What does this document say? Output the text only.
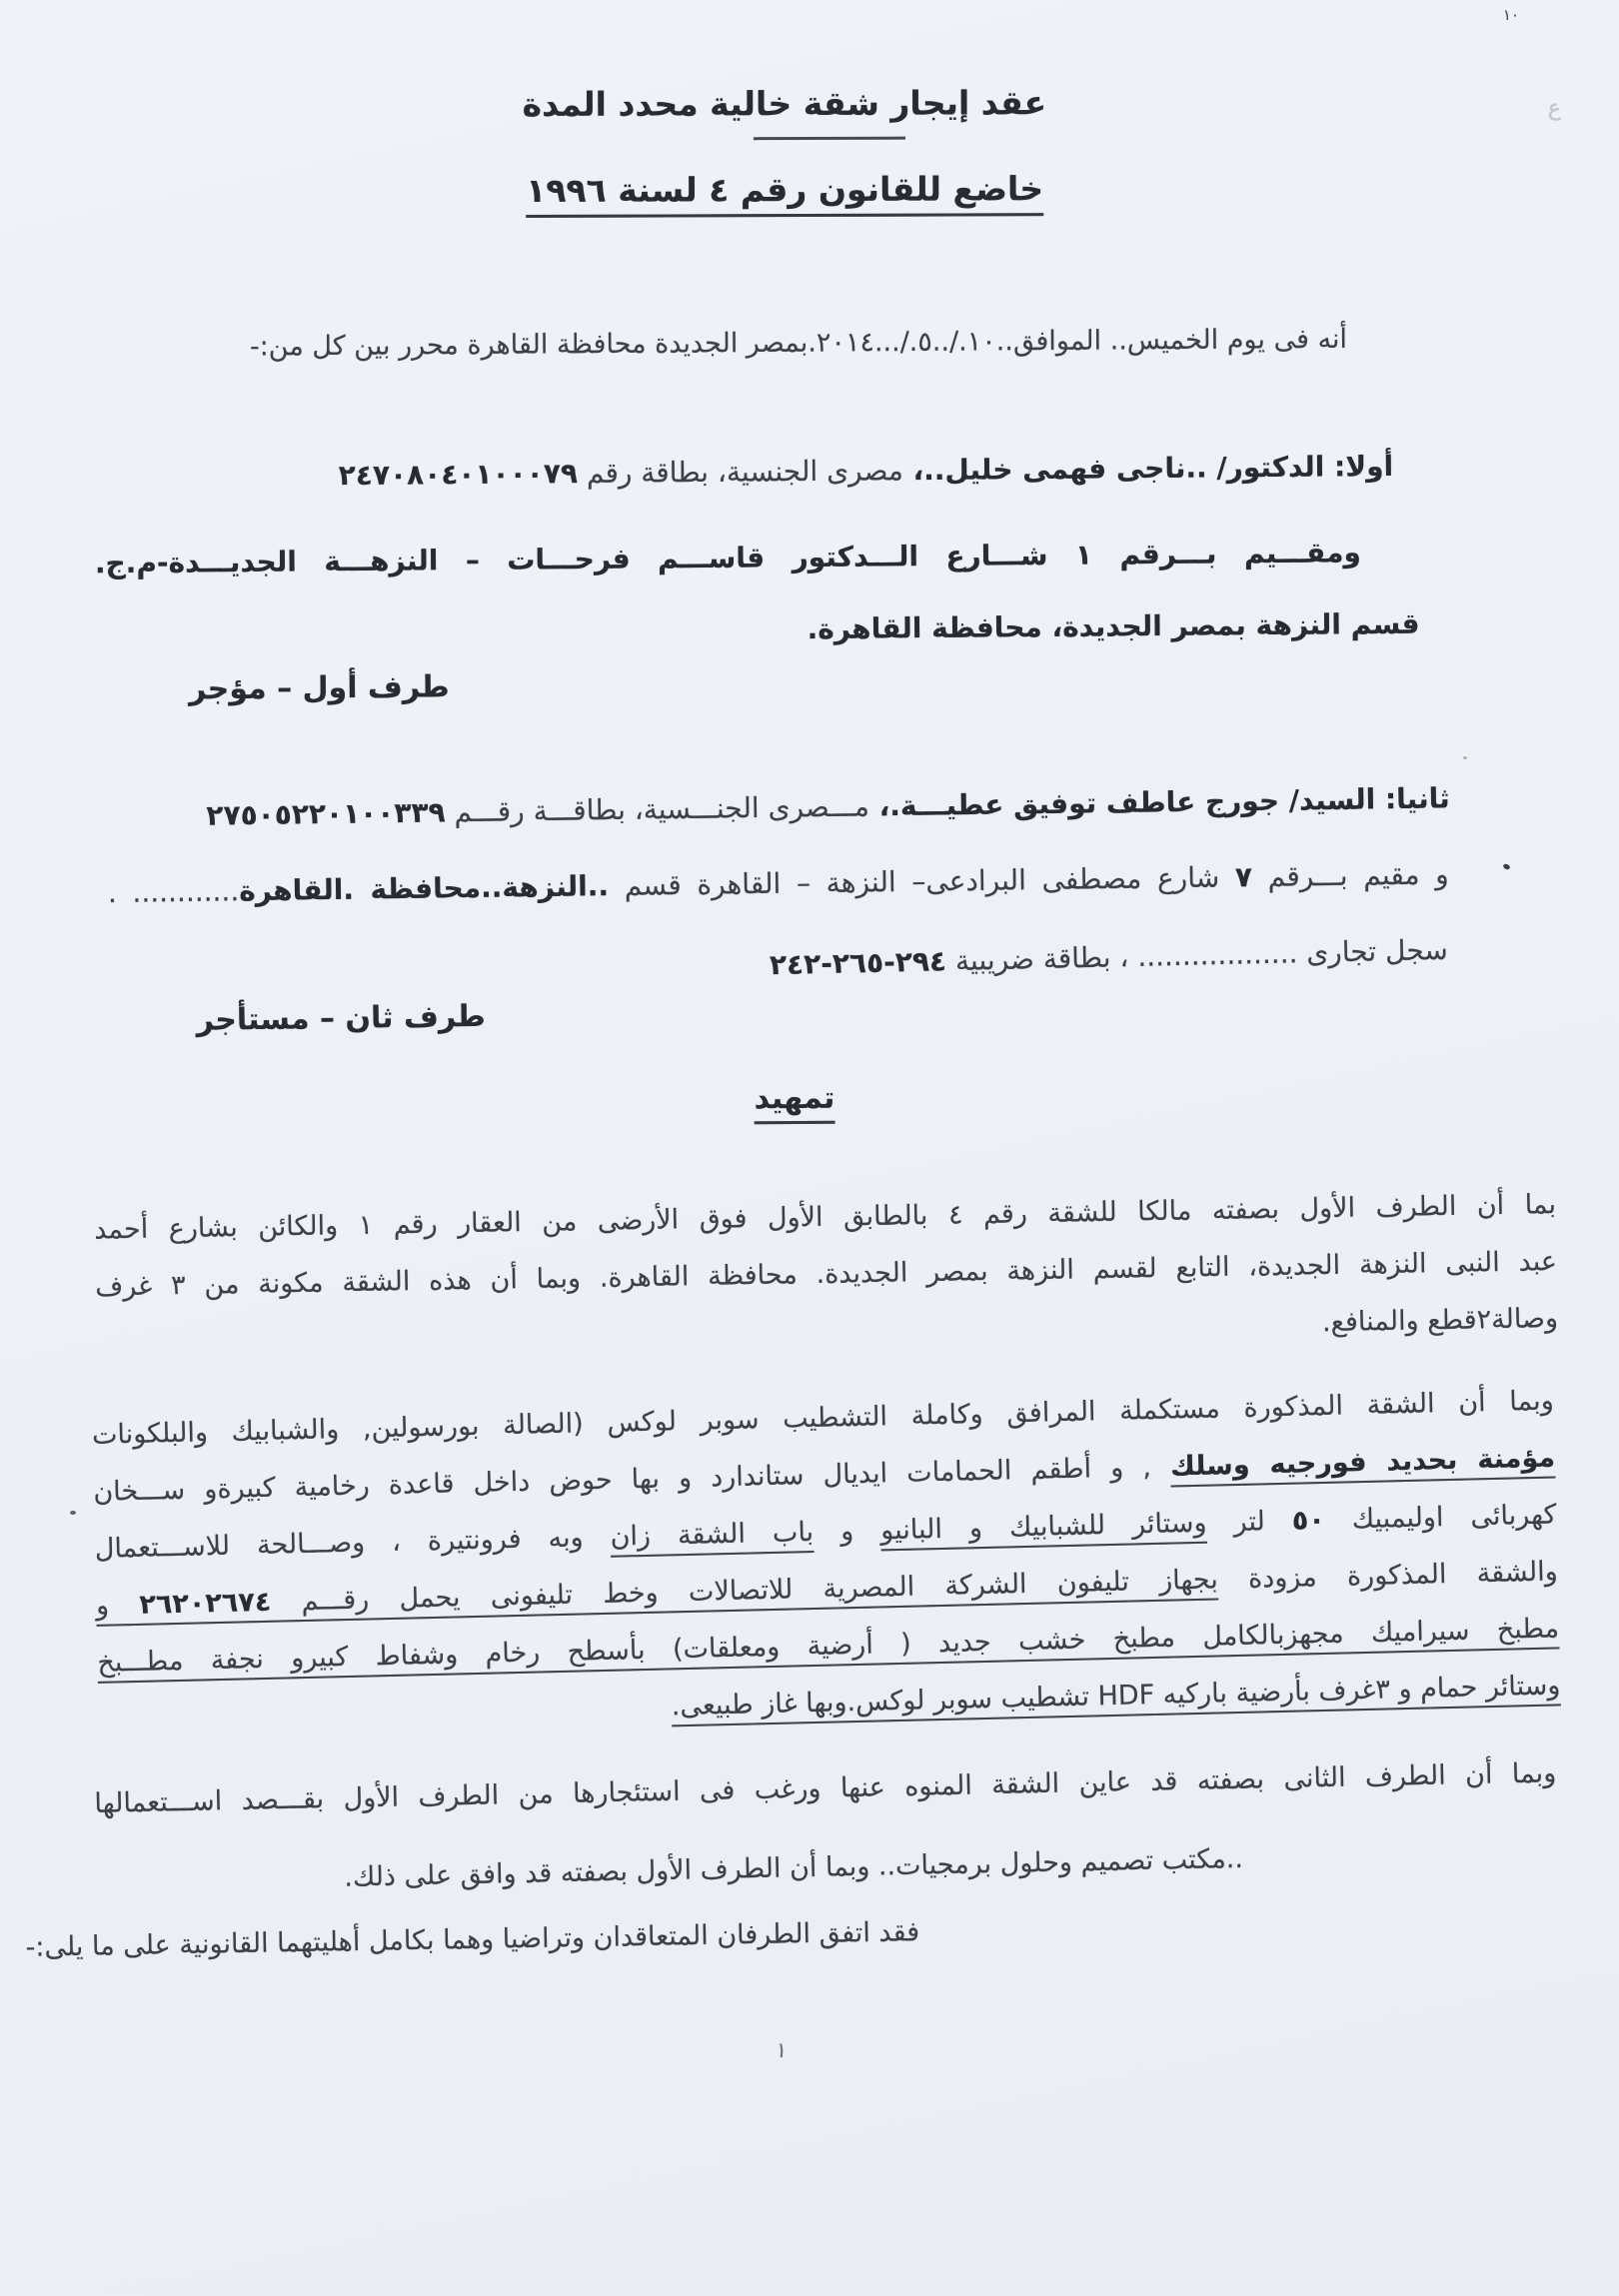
١٠
ع
عقد إيجار شقة خالية محدد المدة
خاضع للقانون رقم ٤ لسنة ١٩٩٦
أنه فى يوم الخميس.. الموافق..١٠./..٥./...٢٠١٤.بمصر الجديدة محافظة القاهرة محرر بين كل من:-
أولا: الدكتور/ ..ناجى فهمى خليل..، مصرى الجنسية، بطاقة رقم ٢٤٧٠٨٠٤٠١٠٠٠٧٩
ومقـــيم بـــرقم ١ شـــارع الـــدكتور قاســـم فرحـــات – النزهـــة الجديـــدة-م.ج.
قسم النزهة بمصر الجديدة، محافظة القاهرة.
طرف أول – مؤجر
ثانيا: السيد/ جورج عاطف توفيق عطيـــة.، مـــصرى الجنـــسية، بطاقـــة رقـــم ٢٧٥٠٥٢٢٠١٠٠٣٣٩
و مقيم بـــرقم ٧ شارع مصطفى البرادعى– النزهة – القاهرة قسم ..النزهة..محافظة .القاهرة............ .
سجل تجارى .................. ، بطاقة ضريبية ٢٩٤-٢٦٥-٢٤٢
طرف ثان – مستأجر
تمهيد
بما أن الطرف الأول بصفته مالكا للشقة رقم ٤ بالطابق الأول فوق الأرضى من العقار رقم ١ والكائن بشارع أحمد
عبد النبى النزهة الجديدة، التابع لقسم النزهة بمصر الجديدة. محافظة القاهرة. وبما أن هذه الشقة مكونة من ٣ غرف
وصالة٢قطع والمنافع.
وبما أن الشقة المذكورة مستكملة المرافق وكاملة التشطيب سوبر لوكس (الصالة بورسولين, والشبابيك والبلكونات
مؤمنة بحديد فورجيه وسلك , و أطقم الحمامات ايديال ستاندارد و بها حوض داخل قاعدة رخامية كبيرةو ســـخان
كهربائى اوليمبيك ٥٠ لتر وستائر للشبابيك و البانيو و باب الشقة زان وبه فرونتيرة ، وصـــالحة للاســـتعمال
والشقة المذكورة مزودة بجهاز تليفون الشركة المصرية للاتصالات وخط تليفونى يحمل رقـــم ٢٦٢٠٢٦٧٤ و
مطبخ سيراميك مجهزبالكامل مطبخ خشب جديد ( أرضية ومعلقات) بأسطح رخام وشفاط كبيرو نجفة مطـــبخ
وستائر حمام و ٣غرف بأرضية باركيه HDF تشطيب سوبر لوكس.وبها غاز طبيعى.
وبما أن الطرف الثانى بصفته قد عاين الشقة المنوه عنها ورغب فى استئجارها من الطرف الأول بقـــصد اســـتعمالها
..مكتب تصميم وحلول برمجيات.. وبما أن الطرف الأول بصفته قد وافق على ذلك.
فقد اتفق الطرفان المتعاقدان وتراضيا وهما بكامل أهليتهما القانونية على ما يلى:-
١
